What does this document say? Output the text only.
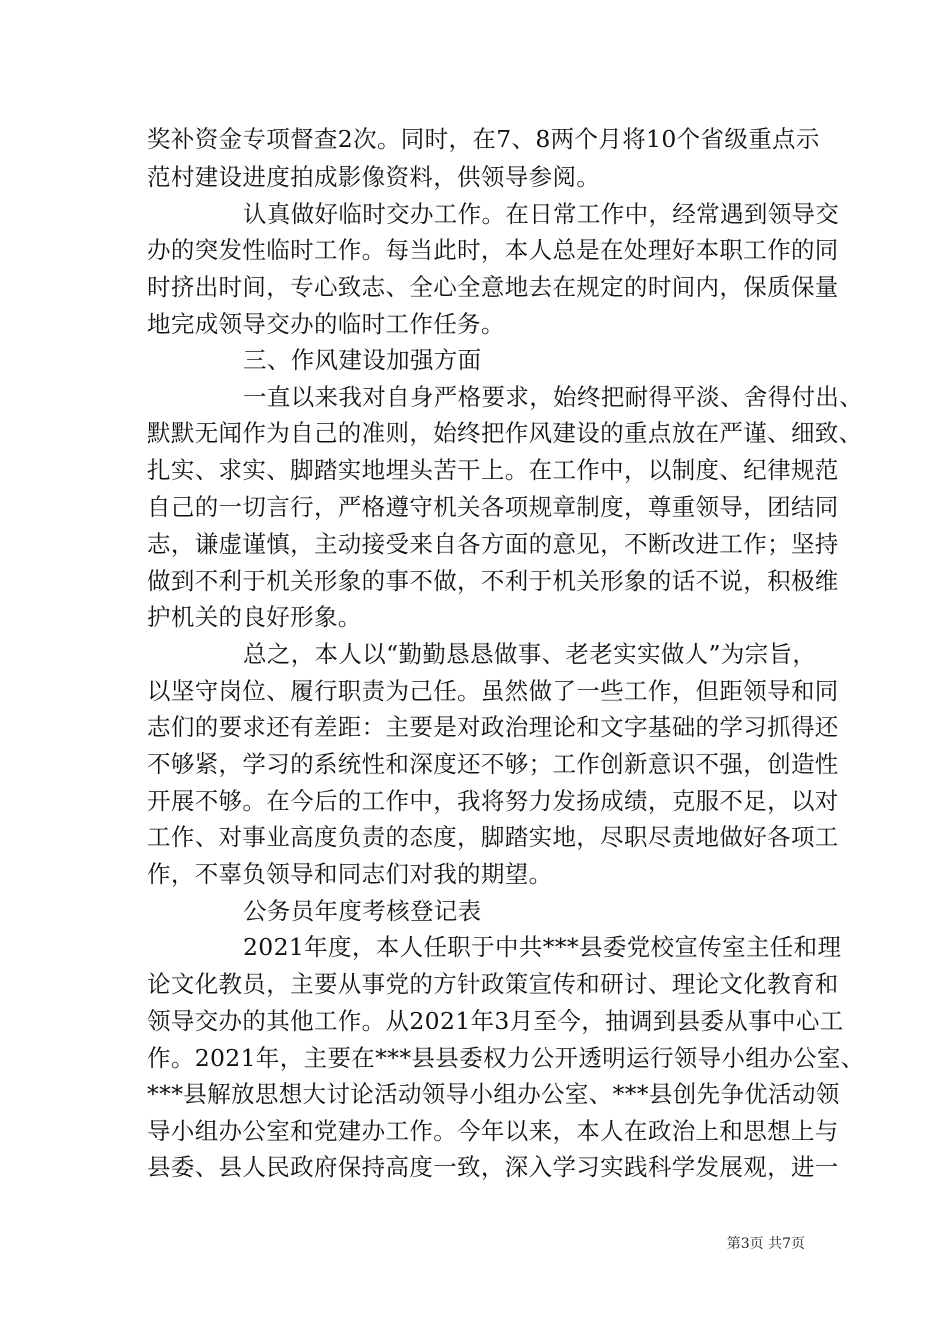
奖补资金专项督查2次。同时，在7、8两个月将10个省级重点示
范村建设进度拍成影像资料，供领导参阅。
认真做好临时交办工作。在日常工作中，经常遇到领导交
办的突发性临时工作。每当此时，本人总是在处理好本职工作的同
时挤出时间，专心致志、全心全意地去在规定的时间内，保质保量
地完成领导交办的临时工作任务。
三、作风建设加强方面
一直以来我对自身严格要求，始终把耐得平淡、舍得付出、
默默无闻作为自己的准则，始终把作风建设的重点放在严谨、细致、
扎实、求实、脚踏实地埋头苦干上。在工作中，以制度、纪律规范
自己的一切言行，严格遵守机关各项规章制度，尊重领导，团结同
志，谦虚谨慎，主动接受来自各方面的意见，不断改进工作；坚持
做到不利于机关形象的事不做，不利于机关形象的话不说，积极维
护机关的良好形象。
总之，本人以“勤勤恳恳做事、老老实实做人”为宗旨，
以坚守岗位、履行职责为己任。虽然做了一些工作，但距领导和同
志们的要求还有差距：主要是对政治理论和文字基础的学习抓得还
不够紧，学习的系统性和深度还不够；工作创新意识不强，创造性
开展不够。在今后的工作中，我将努力发扬成绩，克服不足，以对
工作、对事业高度负责的态度，脚踏实地，尽职尽责地做好各项工
作，不辜负领导和同志们对我的期望。
公务员年度考核登记表
2021年度，本人任职于中共***县委党校宣传室主任和理
论文化教员，主要从事党的方针政策宣传和研讨、理论文化教育和
领导交办的其他工作。从2021年3月至今，抽调到县委从事中心工
作。2021年，主要在***县县委权力公开透明运行领导小组办公室、
***县解放思想大讨论活动领导小组办公室、***县创先争优活动领
导小组办公室和党建办工作。今年以来，本人在政治上和思想上与
县委、县人民政府保持高度一致，深入学习实践科学发展观，进一
第3页 共7页
